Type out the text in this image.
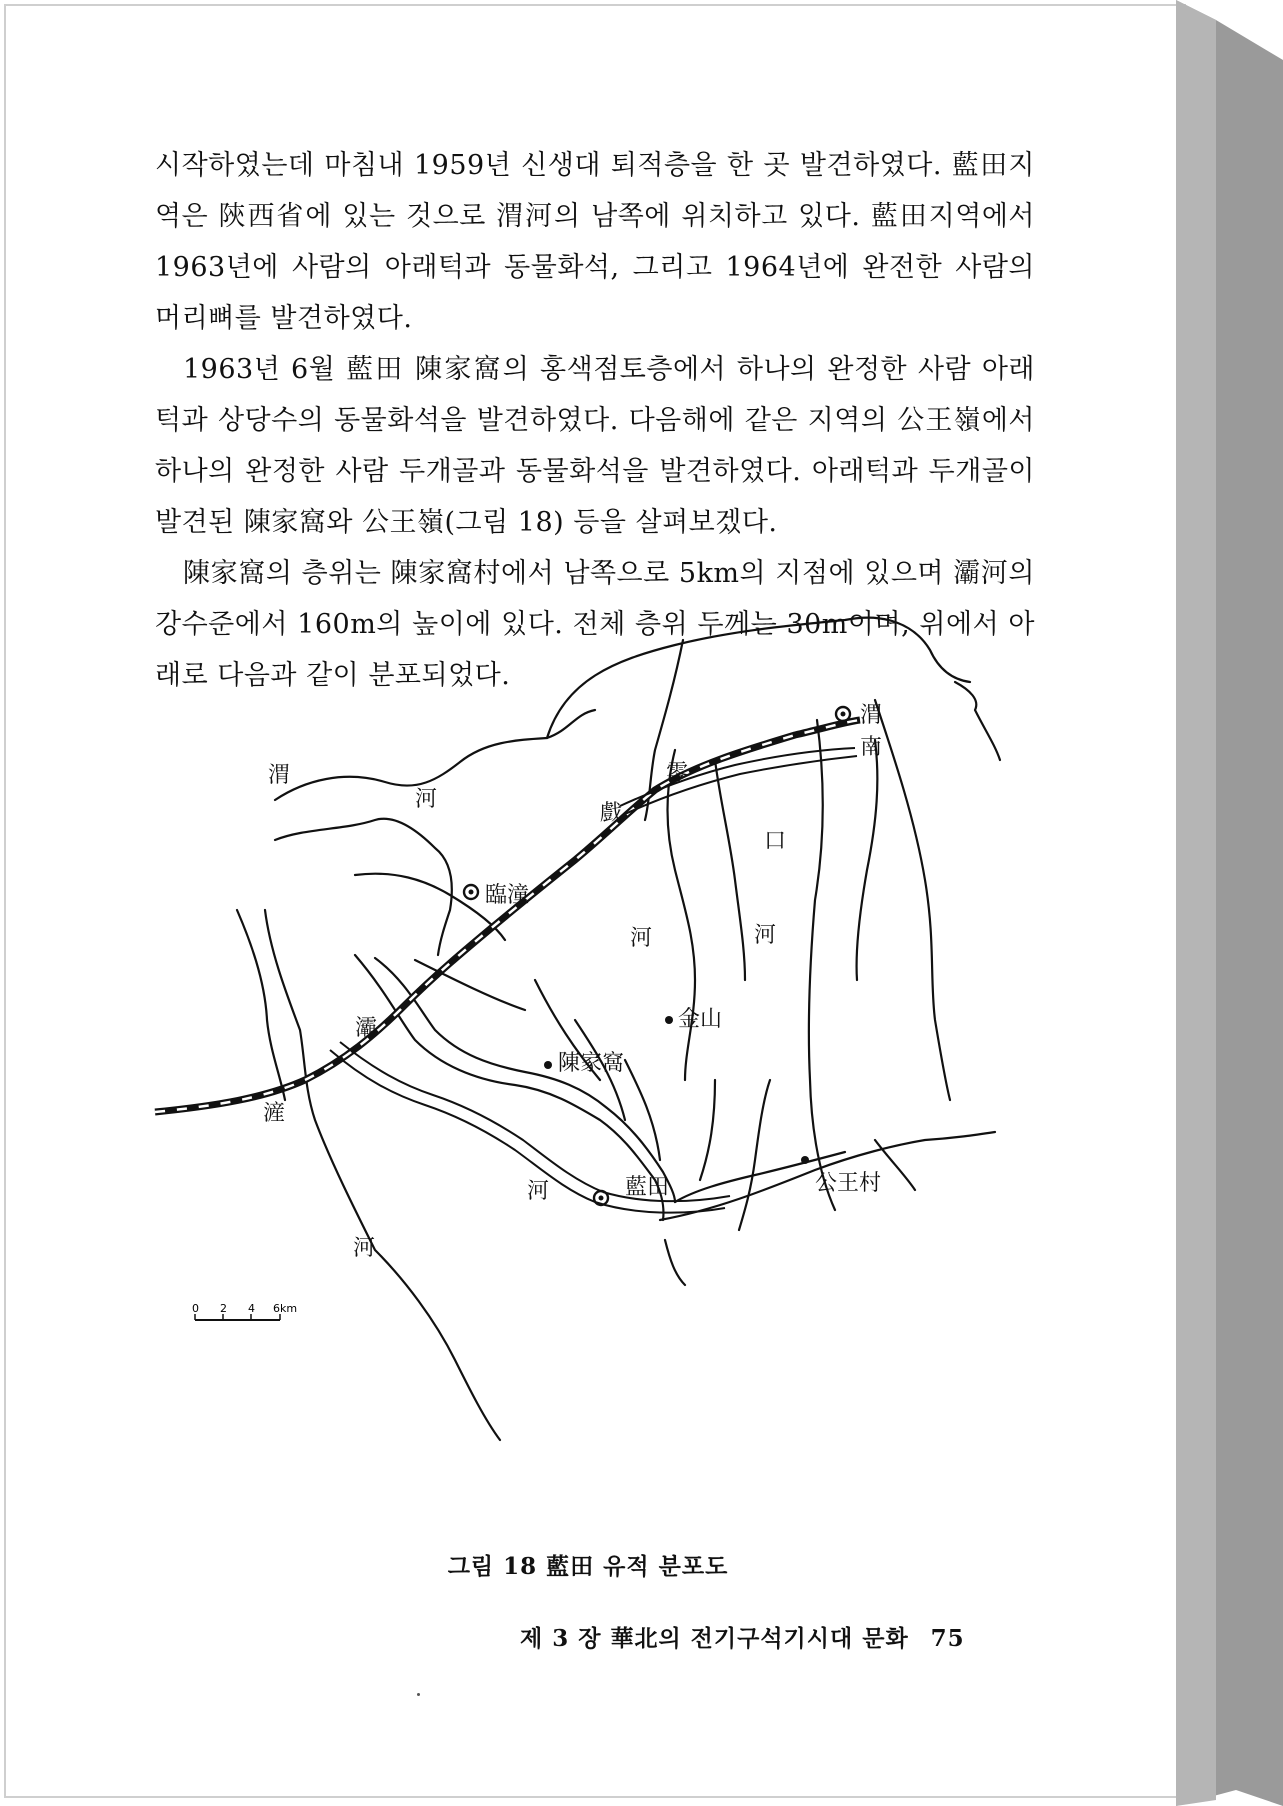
시작하였는데 마침내 1959년 신생대 퇴적층을 한 곳 발견하였다. 藍田지역은 陝西省에 있는 것으로 渭河의 남쪽에 위치하고 있다. 藍田지역에서 1963년에 사람의 아래턱과 동물화석, 그리고 1964년에 완전한 사람의 머리뼈를 발견하였다.

1963년 6월 藍田 陳家窩의 홍색점토층에서 하나의 완정한 사람 아래턱과 상당수의 동물화석을 발견하였다. 다음해에 같은 지역의 公王嶺에서 하나의 완정한 사람 두개골과 동물화석을 발견하였다. 아래턱과 두개골이 발견된 陳家窩와 公王嶺(그림 18) 등을 살펴보겠다.

陳家窩의 층위는 陳家窩村에서 남쪽으로 5km의 지점에 있으며 灞河의 강수준에서 160m의 높이에 있다. 전체 층위 두께는 30m이며, 위에서 아래로 다음과 같이 분포되었다.

渭
河
渭
南
戲
河
零
口
河
臨潼
金山
陳家窩
灞
河
滻
河
藍田	公王村
0 2 4 6km
그림 18 藍田 유적 분포도
제 3 장 華北의 전기구석기시대 문화 75
